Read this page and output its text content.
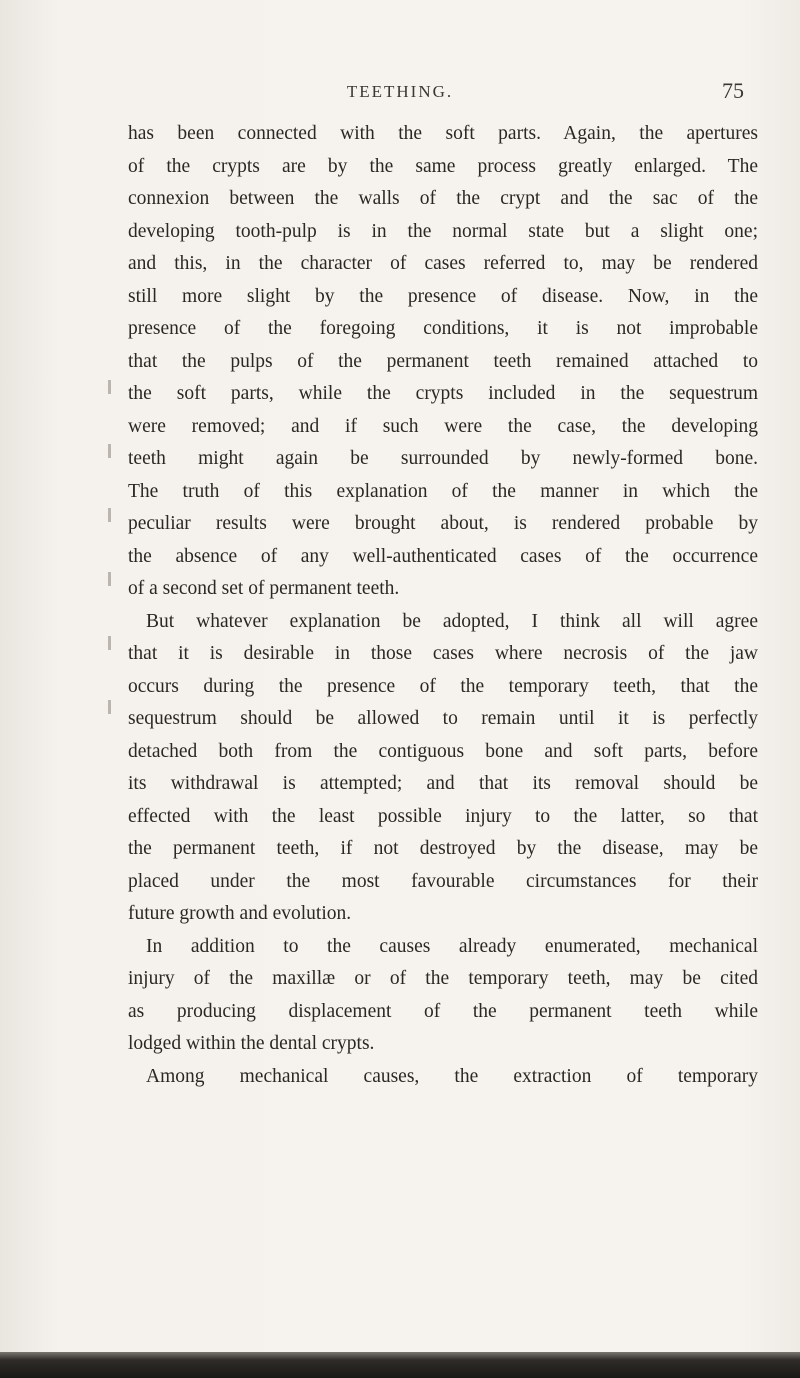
TEETHING.	75
has been connected with the soft parts. Again, the apertures
of the crypts are by the same process greatly enlarged. The
connexion between the walls of the crypt and the sac of the
developing tooth-pulp is in the normal state but a slight one;
and this, in the character of cases referred to, may be rendered
still more slight by the presence of disease. Now, in the
presence of the foregoing conditions, it is not improbable
that the pulps of the permanent teeth remained attached to
the soft parts, while the crypts included in the sequestrum
were removed; and if such were the case, the developing
teeth might again be surrounded by newly-formed bone.
The truth of this explanation of the manner in which the
peculiar results were brought about, is rendered probable by
the absence of any well-authenticated cases of the occurrence
of a second set of permanent teeth.
But whatever explanation be adopted, I think all will agree
that it is desirable in those cases where necrosis of the jaw
occurs during the presence of the temporary teeth, that the
sequestrum should be allowed to remain until it is perfectly
detached both from the contiguous bone and soft parts, before
its withdrawal is attempted; and that its removal should be
effected with the least possible injury to the latter, so that
the permanent teeth, if not destroyed by the disease, may be
placed under the most favourable circumstances for their
future growth and evolution.
In addition to the causes already enumerated, mechanical
injury of the maxillæ or of the temporary teeth, may be cited
as producing displacement of the permanent teeth while
lodged within the dental crypts.
Among mechanical causes, the extraction of temporary
